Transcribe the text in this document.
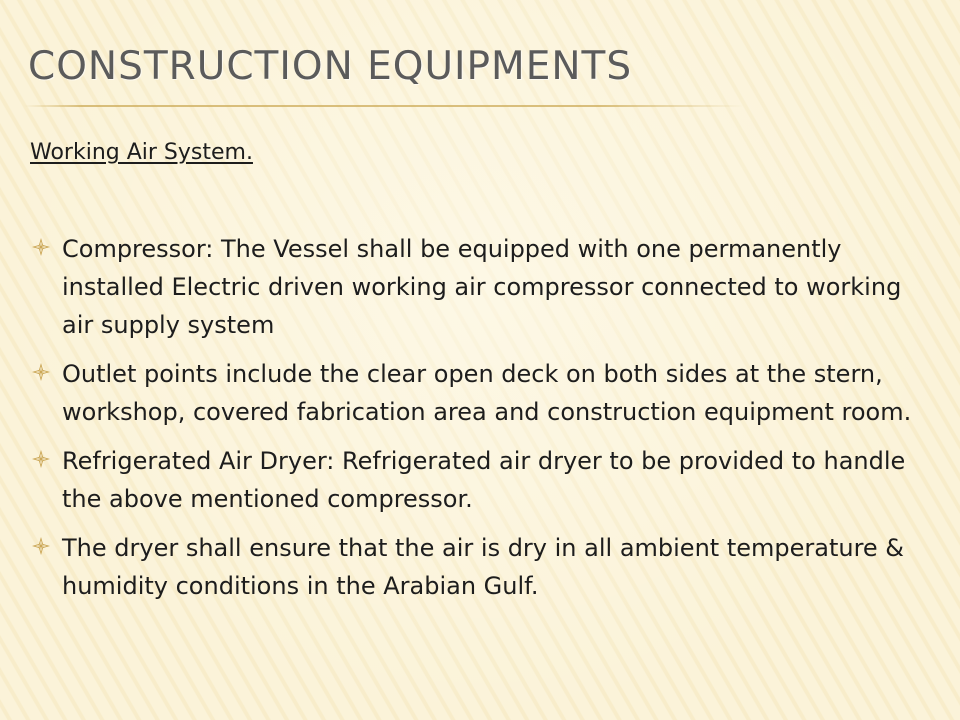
CONSTRUCTION EQUIPMENTS

Working Air System.

Compressor: The Vessel shall be equipped with one permanently installed Electric driven working air compressor connected to working air supply system
Outlet points include the clear open deck on both sides at the stern, workshop, covered fabrication area and construction equipment room.
Refrigerated Air Dryer: Refrigerated air dryer to be provided to handle the above mentioned compressor.
The dryer shall ensure that the air is dry in all ambient temperature & humidity conditions in the Arabian Gulf.
